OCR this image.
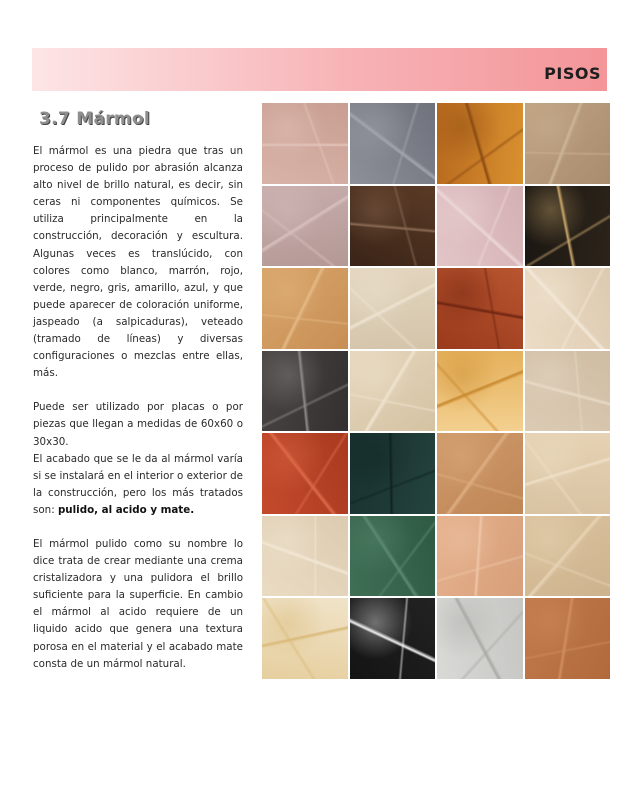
PISOS
3.7 Mármol

El mármol es una piedra que tras un proceso de pulido por abrasión alcanza alto nivel de brillo natural, es decir, sin ceras ni componentes químicos. Se utiliza principalmente en la construcción, decoración y escultura. Algunas veces es translúcido, con colores como blanco, marrón, rojo, verde, negro, gris, amarillo, azul, y que puede aparecer de coloración uniforme, jaspeado (a salpicaduras), veteado (tramado de líneas) y diversas configuraciones o mezclas entre ellas, más.

Puede ser utilizado por placas o por piezas que llegan a medidas de 60x60 o 30x30.
El acabado que se le da al mármol varía si se instalará en el interior o exterior de la construcción, pero los más tratados son: pulido, al acido y mate.

El mármol pulido como su nombre lo dice trata de crear mediante una crema cristalizadora y una pulidora el brillo suficiente para la superficie. En cambio el mármol al acido requiere de un liquido acido que genera una textura porosa en el material y el acabado mate consta de un mármol natural.
